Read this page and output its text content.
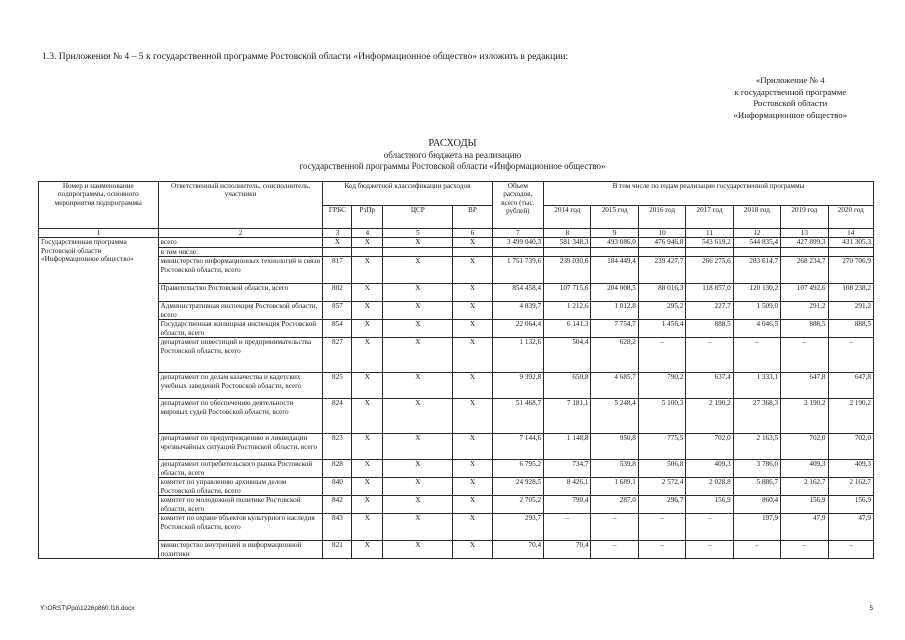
1.3. Приложения № 4 – 5 к государственной программе Ростовской области «Информационное общество» изложить в редакции:
«Приложение № 4
к государственной программе
Ростовской области
«Информационное общество»
РАСХОДЫ
областного бюджета на реализацию
государственной программы Ростовской области «Информационное общество»
Номер и наименование подпрограммы, основного мероприятия подпрограммы	Ответственный исполнитель, соисполнитель, участники	Код бюджетной классификации расходов				Объем расходов, всего (тыс. рублей)	В том числе по годам реализации государственной программы						
		ГРБС	РзПр	ЦСР	ВР		2014 год	2015 год	2016 год	2017 год	2018 год	2019 год	2020 год
1	2	3	4	5	6	7	8	9	10	11	12	13	14
Государственная программа Ростовской области «Информационное общество»	всего	Х	Х	Х	Х	3 499 040,3	581 348,3	493 086,0	476 946,8	543 619,2	544 835,4	427 899,3	431 305,3
	в том числе:												
	министерство информационных технологий и связи Ростовской области, всего	817	Х	Х	Х	1 751 739,6	239 030,6	184 449,4	239 427,7	266 275,6	283 614,7	268 234,7	270 706,9
	Правительство Ростовской области, всего	802	Х	Х	Х	854 458,4	107 715,6	204 008,5	88 016,3	118 857,0	120 130,2	107 492,6	108 238,2
	Административная инспекция Ростовской области, всего	857	Х	Х	Х	4 839,7	1 212,6	1 012,8	295,2	227,7	1 509,0	291,2	291,2
	Государственная жилищная инспекция Ростовской области, всего	854	Х	Х	Х	22 064,4	6 141,3	7 754,7	1 456,4	888,5	4 046,5	888,5	888,5
	департамент инвестиций и предпринимательства Ростовской области, всего	827	Х	Х	Х	1 132,6	504,4	628,2	–	–	–	–	–
	департамент по делам казачества и кадетских учебных заведений Ростовской области, всего	825	Х	Х	Х	9 392,8	650,8	4 685,7	790,2	637,4	1 333,1	647,8	647,8
	департамент по обеспечению деятельности мировых судей Ростовской области, всего	824	Х	Х	Х	51 468,7	7 181,1	5 248,4	5 100,3	2 190,2	27 368,3	2 190,2	2 190,2
	департамент по предупреждению и ликвидации чрезвычайных ситуаций Ростовской области, всего	823	Х	Х	Х	7 144,6	1 148,8	950,8	775,5	702,0	2 163,5	702,0	702,0
	департамент потребительского рынка Ростовской области, всего	828	Х	Х	Х	6 795,2	734,7	539,8	506,8	409,3	3 786,0	409,3	409,3
	комитет по управлению архивным делом Ростовской области, всего	840	Х	Х	Х	24 928,5	8 426,1	1 689,1	2 572,4	2 028,8	5 886,7	2 162,7	2 162,7
	комитет по молодежной политике Ростовской области, всего	842	Х	Х	Х	2 705,2	790,4	287,0	296,7	156,9	860,4	156,9	156,9
	комитет по охране объектов культурного наследия Ростовской области, всего	843	Х	Х	Х	293,7	–	–	–	–	197,9	47,9	47,9
	министерство внутренней и информационной политики	821	Х	Х	Х	70,4	70,4	–	–	–	–	–	–
Y:\ORST\Ppo\1226p860.f18.docx	5
